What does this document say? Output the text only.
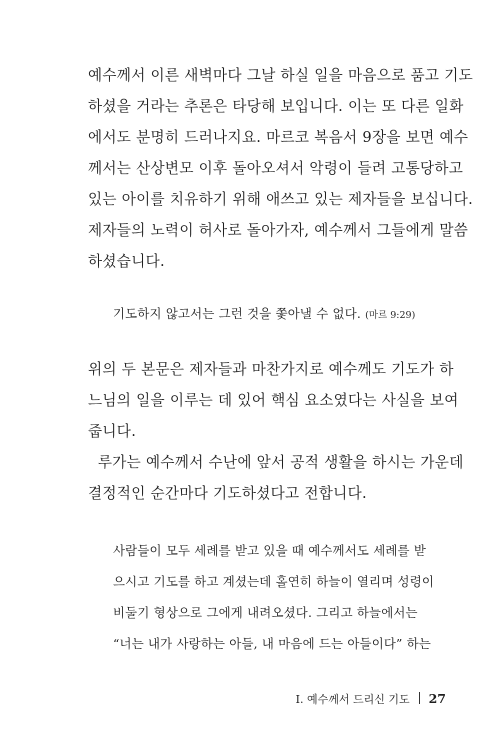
예수께서 이른 새벽마다 그날 하실 일을 마음으로 품고 기도
하셨을 거라는 추론은 타당해 보입니다. 이는 또 다른 일화
에서도 분명히 드러나지요. 마르코 복음서 9장을 보면 예수
께서는 산상변모 이후 돌아오셔서 악령이 들려 고통당하고
있는 아이를 치유하기 위해 애쓰고 있는 제자들을 보십니다.
제자들의 노력이 허사로 돌아가자, 예수께서 그들에게 말씀
하셨습니다.
기도하지 않고서는 그런 것을 쫓아낼 수 없다. (마르 9:29)
위의 두 본문은 제자들과 마찬가지로 예수께도 기도가 하
느님의 일을 이루는 데 있어 핵심 요소였다는 사실을 보여
줍니다.
루가는 예수께서 수난에 앞서 공적 생활을 하시는 가운데
결정적인 순간마다 기도하셨다고 전합니다.
사람들이 모두 세례를 받고 있을 때 예수께서도 세례를 받
으시고 기도를 하고 계셨는데 홀연히 하늘이 열리며 성령이
비둘기 형상으로 그에게 내려오셨다. 그리고 하늘에서는
“너는 내가 사랑하는 아들, 내 마음에 드는 아들이다” 하는
I. 예수께서 드리신 기도 27
